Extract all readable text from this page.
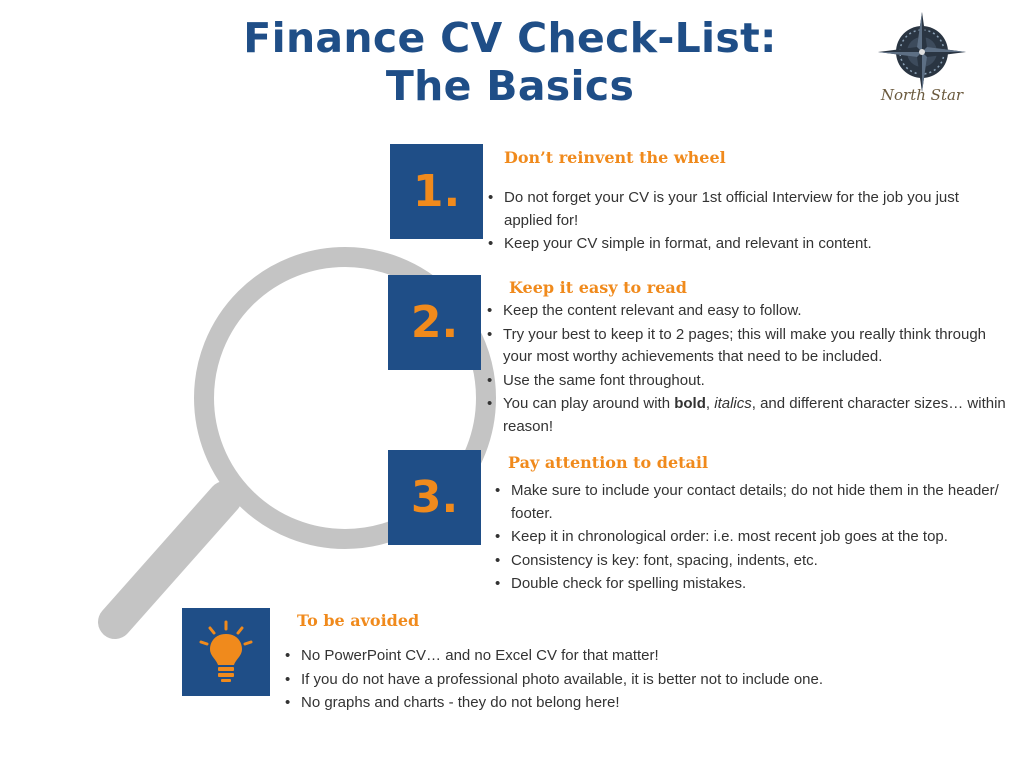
Finance CV Check-List:
The Basics	North Star
1.
Don’t reinvent the wheel
• Do not forget your CV is your 1st official Interview for the job you just applied for!
• Keep your CV simple in format, and relevant in content.
2.
Keep it easy to read
• Keep the content relevant and easy to follow.
• Try your best to keep it to 2 pages; this will make you really think through your most worthy achievements that need to be included.
• Use the same font throughout.
• You can play around with bold, italics, and different character sizes… within reason!
3.
Pay attention to detail
• Make sure to include your contact details; do not hide them in the header/ footer.
• Keep it in chronological order: i.e. most recent job goes at the top.
• Consistency is key: font, spacing, indents, etc.
• Double check for spelling mistakes.
To be avoided
• No PowerPoint CV… and no Excel CV for that matter!
• If you do not have a professional photo available, it is better not to include one.
• No graphs and charts - they do not belong here!
